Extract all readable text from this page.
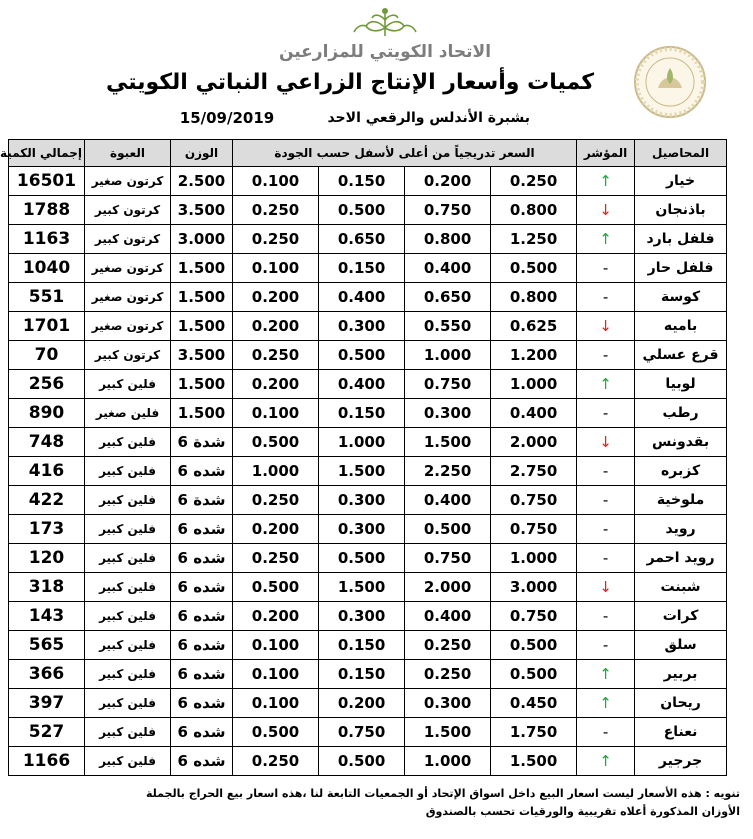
الاتحاد الكويتي للمزارعين
كميات وأسعار الإنتاج الزراعي النباتي الكويتي
بشبرة الأندلس والرقعي الاحد
15/09/2019
المحاصيل	المؤشر	السعر تدريجياً من أعلى لأسفل حسب الجودة				الوزن	العبوة	إجمالي الكمية
خيار	↑	0.250	0.200	0.150	0.100	2.500	كرتون صغير	16501
باذنجان	↓	0.800	0.750	0.500	0.250	3.500	كرتون كبير	1788
فلفل بارد	↑	1.250	0.800	0.650	0.250	3.000	كرتون كبير	1163
فلفل حار	-	0.500	0.400	0.150	0.100	1.500	كرتون صغير	1040
كوسة	-	0.800	0.650	0.400	0.200	1.500	كرتون صغير	551
باميه	↓	0.625	0.550	0.300	0.200	1.500	كرتون صغير	1701
قرع عسلي	-	1.200	1.000	0.500	0.250	3.500	كرتون كبير	70
لوبيا	↑	1.000	0.750	0.400	0.200	1.500	فلين كبير	256
رطب	-	0.400	0.300	0.150	0.100	1.500	فلين صغير	890
بقدونس	↓	2.000	1.500	1.000	0.500	6 شدة	فلين كبير	748
كزبره	-	2.750	2.250	1.500	1.000	6 شده	فلين كبير	416
ملوخية	-	0.750	0.400	0.300	0.250	6 شدة	فلين كبير	422
رويد	-	0.750	0.500	0.300	0.200	6 شده	فلين كبير	173
رويد احمر	-	1.000	0.750	0.500	0.250	6 شده	فلين كبير	120
شبنت	↓	3.000	2.000	1.500	0.500	6 شده	فلين كبير	318
كرات	-	0.750	0.400	0.300	0.200	6 شده	فلين كبير	143
سلق	-	0.500	0.250	0.150	0.100	6 شده	فلين كبير	565
بربير	↑	0.500	0.250	0.150	0.100	6 شده	فلين كبير	366
ريحان	↑	0.450	0.300	0.200	0.100	6 شده	فلين كبير	397
نعناع	-	1.750	1.500	0.750	0.500	6 شده	فلين كبير	527
جرجير	↑	1.500	1.000	0.500	0.250	6 شده	فلين كبير	1166
تنويه : هذه الأسعار ليست اسعار البيع داخل اسواق الإتحاد أو الجمعيات التابعة لنا ،هذه اسعار بيع الحراج بالجملة
الأوزان المذكورة أعلاه تقريبية والورقيات تحسب بالصندوق
